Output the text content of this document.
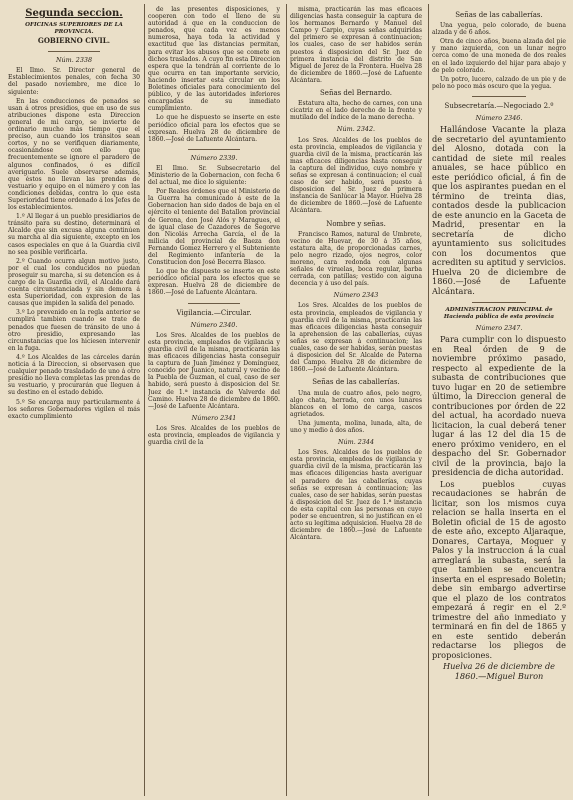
Segunda seccion.
OFICINAS SUPERIORES DE LA PROVINCIA.
GOBIERNO CIVIL.
Núm. 2338

El Ilmo. Sr. Director general de Establecimientos penales, con fecha 30 del pasado noviembre, me dice lo siguiente:

En las conducciones de penados se usan á otros presidios, que en uso de sus atribuciones dispone esta Direccion general de mi cargo, se invierte de ordinario mucho más tiempo que el preciso, aun cuando los tránsitos sean cortos, y no se verifiquen diariamente, ocasionándose con ello que frecuentemente se ignore el paradero de algunos confinados, ó es difícil averiguarlo. Suele observarse además, que éstos no llevan las prendas de vestuario y equipo en el número y con las condiciones debidas, contra lo que esta Superioridad tiene ordenado á los Jefes de los establecimientos.

1.º Al llegar á un pueblo presidiarios de tránsito para su destino, determinará el Alcalde que sin excusa alguna continúen su marcha al dia siguiente, excepto en los casos especiales en que á la Guardia civil no sea posible verificarla.

2.º Cuando ocurra algun motivo justo, por el cual los conducidos no puedan proseguir su marcha, si su detencion es á cargo de la Guardia civil, el Alcalde dará cuenta circunstanciada y sin demora á esta Superioridad, con expresion de las causas que impiden la salida del penado.

3.º Lo prevenido en la regla anterior se cumplirá tambien cuando se trate de penados que fuesen de tránsito de uno á otro presidio, expresando las circunstancias que los hiciesen intervenir en la fuga.

4.º Los Alcaldes de las cárceles darán noticia á la Direccion, si observasen que cualquier penado trasladado de uno á otro presidio no lleva completas las prendas de su vestuario, y procurarán que lleguen á su destino en el estado debido.

5.º Se encarga muy particularmente á los señores Gobernadores vigilen el más exacto cumplimiento

de las presentes disposiciones, y cooperen con todo el lleno de su autoridad á que en la conduccion de penados, que cada vez es menos numerosa, haya toda la actividad y exactitud que las distancias permitan, para evitar los abusos que se comete en dichos traslados. A cuyo fin esta Direccion espera que la tendrán al corriente de lo que ocurra en tan importante servicio, haciendo insertar esta circular en los Boletines oficiales para conocimiento del público, y de las autoridades inferiores encargadas de su inmediato cumplimiento.

Lo que he dispuesto se inserte en este periódico oficial para los efectos que se expresan. Huelva 28 de diciembre de 1860.—José de Lafuente Alcántara.

Número 2339.

El Ilmo. Sr. Subsecretario del Ministerio de la Gobernacion, con fecha 6 del actual, me dice lo siguiente:

Por Reales órdenes que el Ministerio de la Guerra ha comunicado á este de la Gobernacion han sido dados de baja en el ejército el teniente del Batallon provincial de Gerona, don José Alós y Maragues, el de igual clase de Cazadores de Segorve don Nicolás Arrecha García, el de la milicia del provincial de Baeza don Fernando Gomez Herrero y el Subteniente del Regimiento infantería de la Constitucion don José Becerra Blasco.

Lo que he dispuesto se inserte en este periódico oficial para los efectos que se expresan. Huelva 28 de diciembre de 1860.—José de Lafuente Alcántara.

Vigilancia.—Circular.
Número 2340.

Los Sres. Alcaldes de los pueblos de esta provincia, empleados de vigilancia y guardia civil de la misma, practicarán las mas eficaces diligencias hasta conseguir la captura de Juan Jiménez y Domínguez, conocido por Juanico, natural y vecino de la Puebla de Guzman, el cual, caso de ser habido, será puesto á disposicion del Sr. Juez de 1.ª instancia de Valverde del Camino. Huelva 28 de diciembre de 1860.—José de Lafuente Alcántara.

Número 2341

Los Sres. Alcaldes de los pueblos de esta provincia, empleados de vigilancia y guardia civil de la

misma, practicarán las mas eficaces diligencias hasta conseguir la captura de los hermanos Bernardo y Manuel del Campo y Carpio, cuyas señas adquiridas del primero se expresan á continuacion; los cuales, caso de ser habidos serán puestos á disposicion del Sr. Juez de primera instancia del distrito de San Miguel de Jerez de la Frontera. Huelva 28 de diciembre de 1860.—José de Lafuente Alcántara.

Señas del Bernardo.

Estatura alta, hecho de carnes, con una cicatriz en el lado derecho de la frente y mutilado del índice de la mano derecha.

Núm. 2342.

Los Sres. Alcaldes de los pueblos de esta provincia, empleados de vigilancia y guardia civil de la misma, practicarán las mas eficaces diligencias hasta conseguir la captura del individuo, cuyo nombre y señas se expresan á continuacion; el cual caso de ser habido, será puesto á disposicion del Sr. Juez de primera instancia de Sanlúcar la Mayor. Huelva 28 de diciembre de 1860.—José de Lafuente Alcántara.

Nombre y señas.

Francisco Ramos, natural de Umbrete, vecino de Huevar, de 30 á 35 años, estatura alta, de proporcionadas carnes, pelo negro rizado, ojos negros, color moreno, cara redonda con algunas señales de viruelas, boca regular, barba cerrada, con patillas; vestido con aiguna decencia y á uso del país.

Número 2343

Los Sres. Alcaldes de los pueblos de esta provincia, empleados de vigilancia y guardia civil de la misma, practicarán las mas eficaces diligencias hasta conseguir la aprehension de las caballerías, cuyas señas se expresan á continuacion; las cuales, caso de ser habidas, serán puestas á disposicion del Sr. Alcalde de Paterna del Campo. Huelva 28 de diciembre de 1860.—José de Lafuente Alcántara.

Señas de las caballerías.

Una mula de cuatro años, pelo negro, algo chata, herrada, con unos lunares blancos en el lomo de carga, cascos agrietados.

Una jumenta, molina, lunada, alta, de uno y medio á dos años.

Núm. 2344

Los Sres. Alcaldes de los pueblos de esta provincia, empleados de vigilancia y guardia civil de la misma, practicarán las mas eficaces diligencias hasta averiguar el paradero de las caballerías, cuyas señas se expresan á continuacion; las cuales, caso de ser habidas, serán puestas á disposicion del Sr. Juez de 1.ª instancia de esta capital con las personas en cuyo poder se encuentren, si no justifican en el acto su legítima adquisicion. Huelva 28 de diciembre de 1860.—José de Lafuente Alcántara.

Señas de las caballerías.

Una yegua, pelo colorado, de buena alzada y de 6 años.

Otra de cinco años, buena alzada del pie y mano izquierda, con un lunar negro cerca como de una moneda de dos reales en el lado izquierdo del hijar para abajo y de pelo colorado.

Un potro, lucero, calzado de un pie y de pelo no poco más oscuro que la yegua.

Subsecretaría.—Negociado 2.º
Número 2346.

Hallándose Vacante la plaza de secretario del ayuntamiento del Alosno, dotada con la cantidad de siete mil reales anuales, se hace público en este periódico oficial, á fin de que los aspirantes puedan en el término de treinta dias, contados desde la publicacion de este anuncio en la Gaceta de Madrid, presentar en la secretaría de dicho ayuntamiento sus solicitudes con los documentos que acrediten su aptitud y servicios. Huelva 20 de diciembre de 1860.—José de Lafuente Alcántara.

ADMINISTRACION PRINCIPAL de Hacienda pública de esta provincia
Número 2347.

Para cumplir con lo dispuesto en Real órden de 9 de noviembre próximo pasado, respecto al expediente de la subasta de contribuciones que tuvo lugar en 20 de setiembre último, la Direccion general de contribuciones por órden de 22 del actual, ha acordado nueva licitacion, la cual deberá tener lugar á las 12 del dia 15 de enero próximo venidero, en el despacho del Sr. Gobernador civil de la provincia, bajo la presidencia de dicha autoridad.

Los pueblos cuyas recaudaciones se habrán de licitar, son los mismos cuya relacion se halla inserta en el Boletin oficial de 15 de agosto de este año, excepto Aljaraque, Donares, Cartaya, Moguer y Palos y la instruccion á la cual arreglará la subasta, será la que tambien se encuentra inserta en el espresado Boletin; debe sin embargo advertirse que el plazo de los contratos empezará á regir en el 2.º trimestre del año inmediato y terminará en fin del de 1865 y en este sentido deberán redactarse los pliegos de proposiciones.

Huelva 26 de diciembre de 1860.—Miguel Buron
